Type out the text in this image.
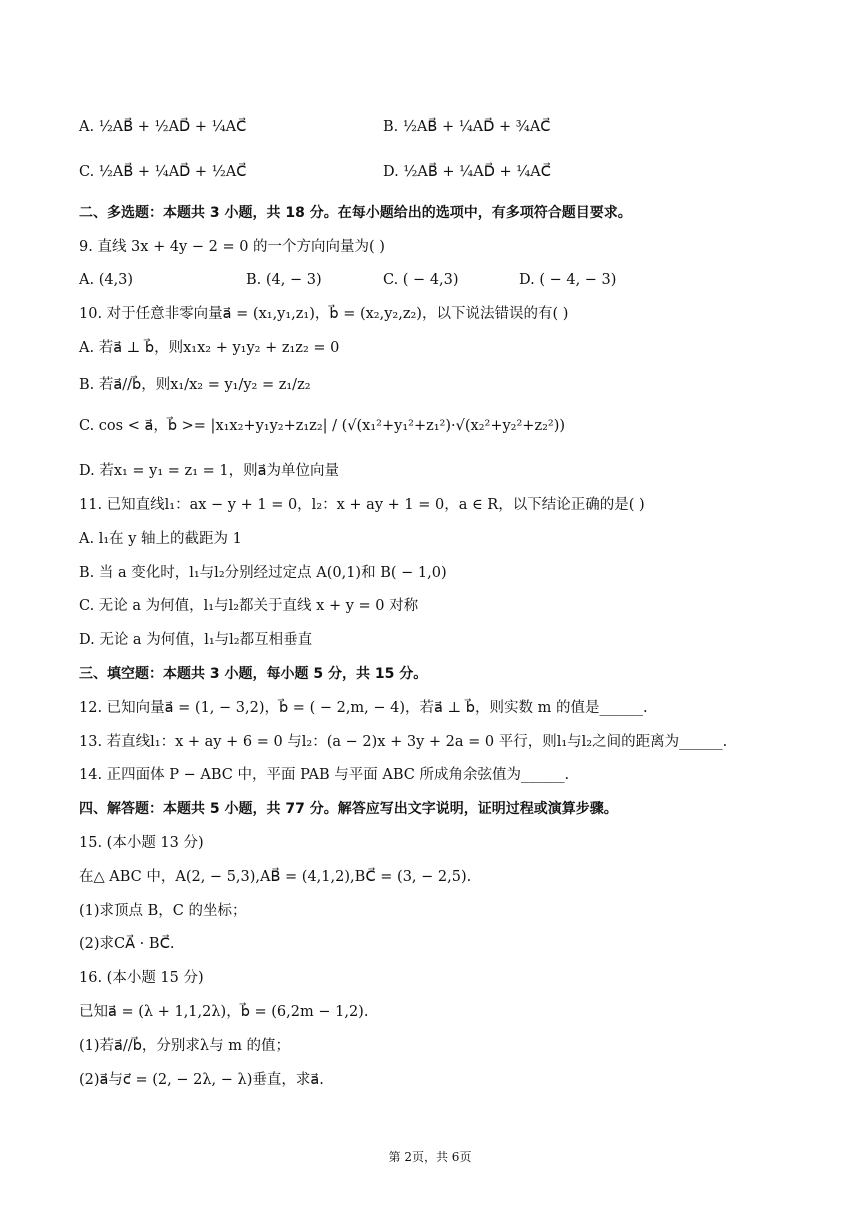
A. ½AB⃗ + ½AD⃗ + ¼AC⃗	B. ½AB⃗ + ¼AD⃗ + ¾AC⃗
C. ½AB⃗ + ¼AD⃗ + ½AC⃗	D. ½AB⃗ + ¼AD⃗ + ¼AC⃗
二、多选题：本题共 3 小题，共 18 分。在每小题给出的选项中，有多项符合题目要求。
9. 直线 3x + 4y − 2 = 0 的一个方向向量为( )
A. (4,3)	B. (4, − 3)	C. ( − 4,3)	D. ( − 4, − 3)
10. 对于任意非零向量a⃗ = (x₁,y₁,z₁)，b⃗ = (x₂,y₂,z₂)，以下说法错误的有( )
A. 若a⃗ ⊥ b⃗，则x₁x₂ + y₁y₂ + z₁z₂ = 0
B. 若a⃗//b⃗，则x₁/x₂ = y₁/y₂ = z₁/z₂
C. cos < a⃗，b⃗ >= |x₁x₂+y₁y₂+z₁z₂| / (√(x₁²+y₁²+z₁²)·√(x₂²+y₂²+z₂²))
D. 若x₁ = y₁ = z₁ = 1，则a⃗为单位向量
11. 已知直线l₁：ax − y + 1 = 0，l₂：x + ay + 1 = 0，a ∈ R，以下结论正确的是( )
A. l₁在 y 轴上的截距为 1
B. 当 a 变化时，l₁与l₂分别经过定点 A(0,1)和 B( − 1,0)
C. 无论 a 为何值，l₁与l₂都关于直线 x + y = 0 对称
D. 无论 a 为何值，l₁与l₂都互相垂直
三、填空题：本题共 3 小题，每小题 5 分，共 15 分。
12. 已知向量a⃗ = (1, − 3,2)，b⃗ = ( − 2,m, − 4)，若a⃗ ⊥ b⃗，则实数 m 的值是______.
13. 若直线l₁：x + ay + 6 = 0 与l₂：(a − 2)x + 3y + 2a = 0 平行，则l₁与l₂之间的距离为______.
14. 正四面体 P − ABC 中，平面 PAB 与平面 ABC 所成角余弦值为______.
四、解答题：本题共 5 小题，共 77 分。解答应写出文字说明，证明过程或演算步骤。
15. (本小题 13 分)
在△ ABC 中，A(2, − 5,3),AB⃗ = (4,1,2),BC⃗ = (3, − 2,5).
(1)求顶点 B，C 的坐标；
(2)求CA⃗ · BC⃗.
16. (本小题 15 分)
已知a⃗ = (λ + 1,1,2λ)，b⃗ = (6,2m − 1,2).
(1)若a⃗//b⃗，分别求λ与 m 的值；
(2)a⃗与c⃗ = (2, − 2λ, − λ)垂直，求a⃗.
第 2页，共 6页
